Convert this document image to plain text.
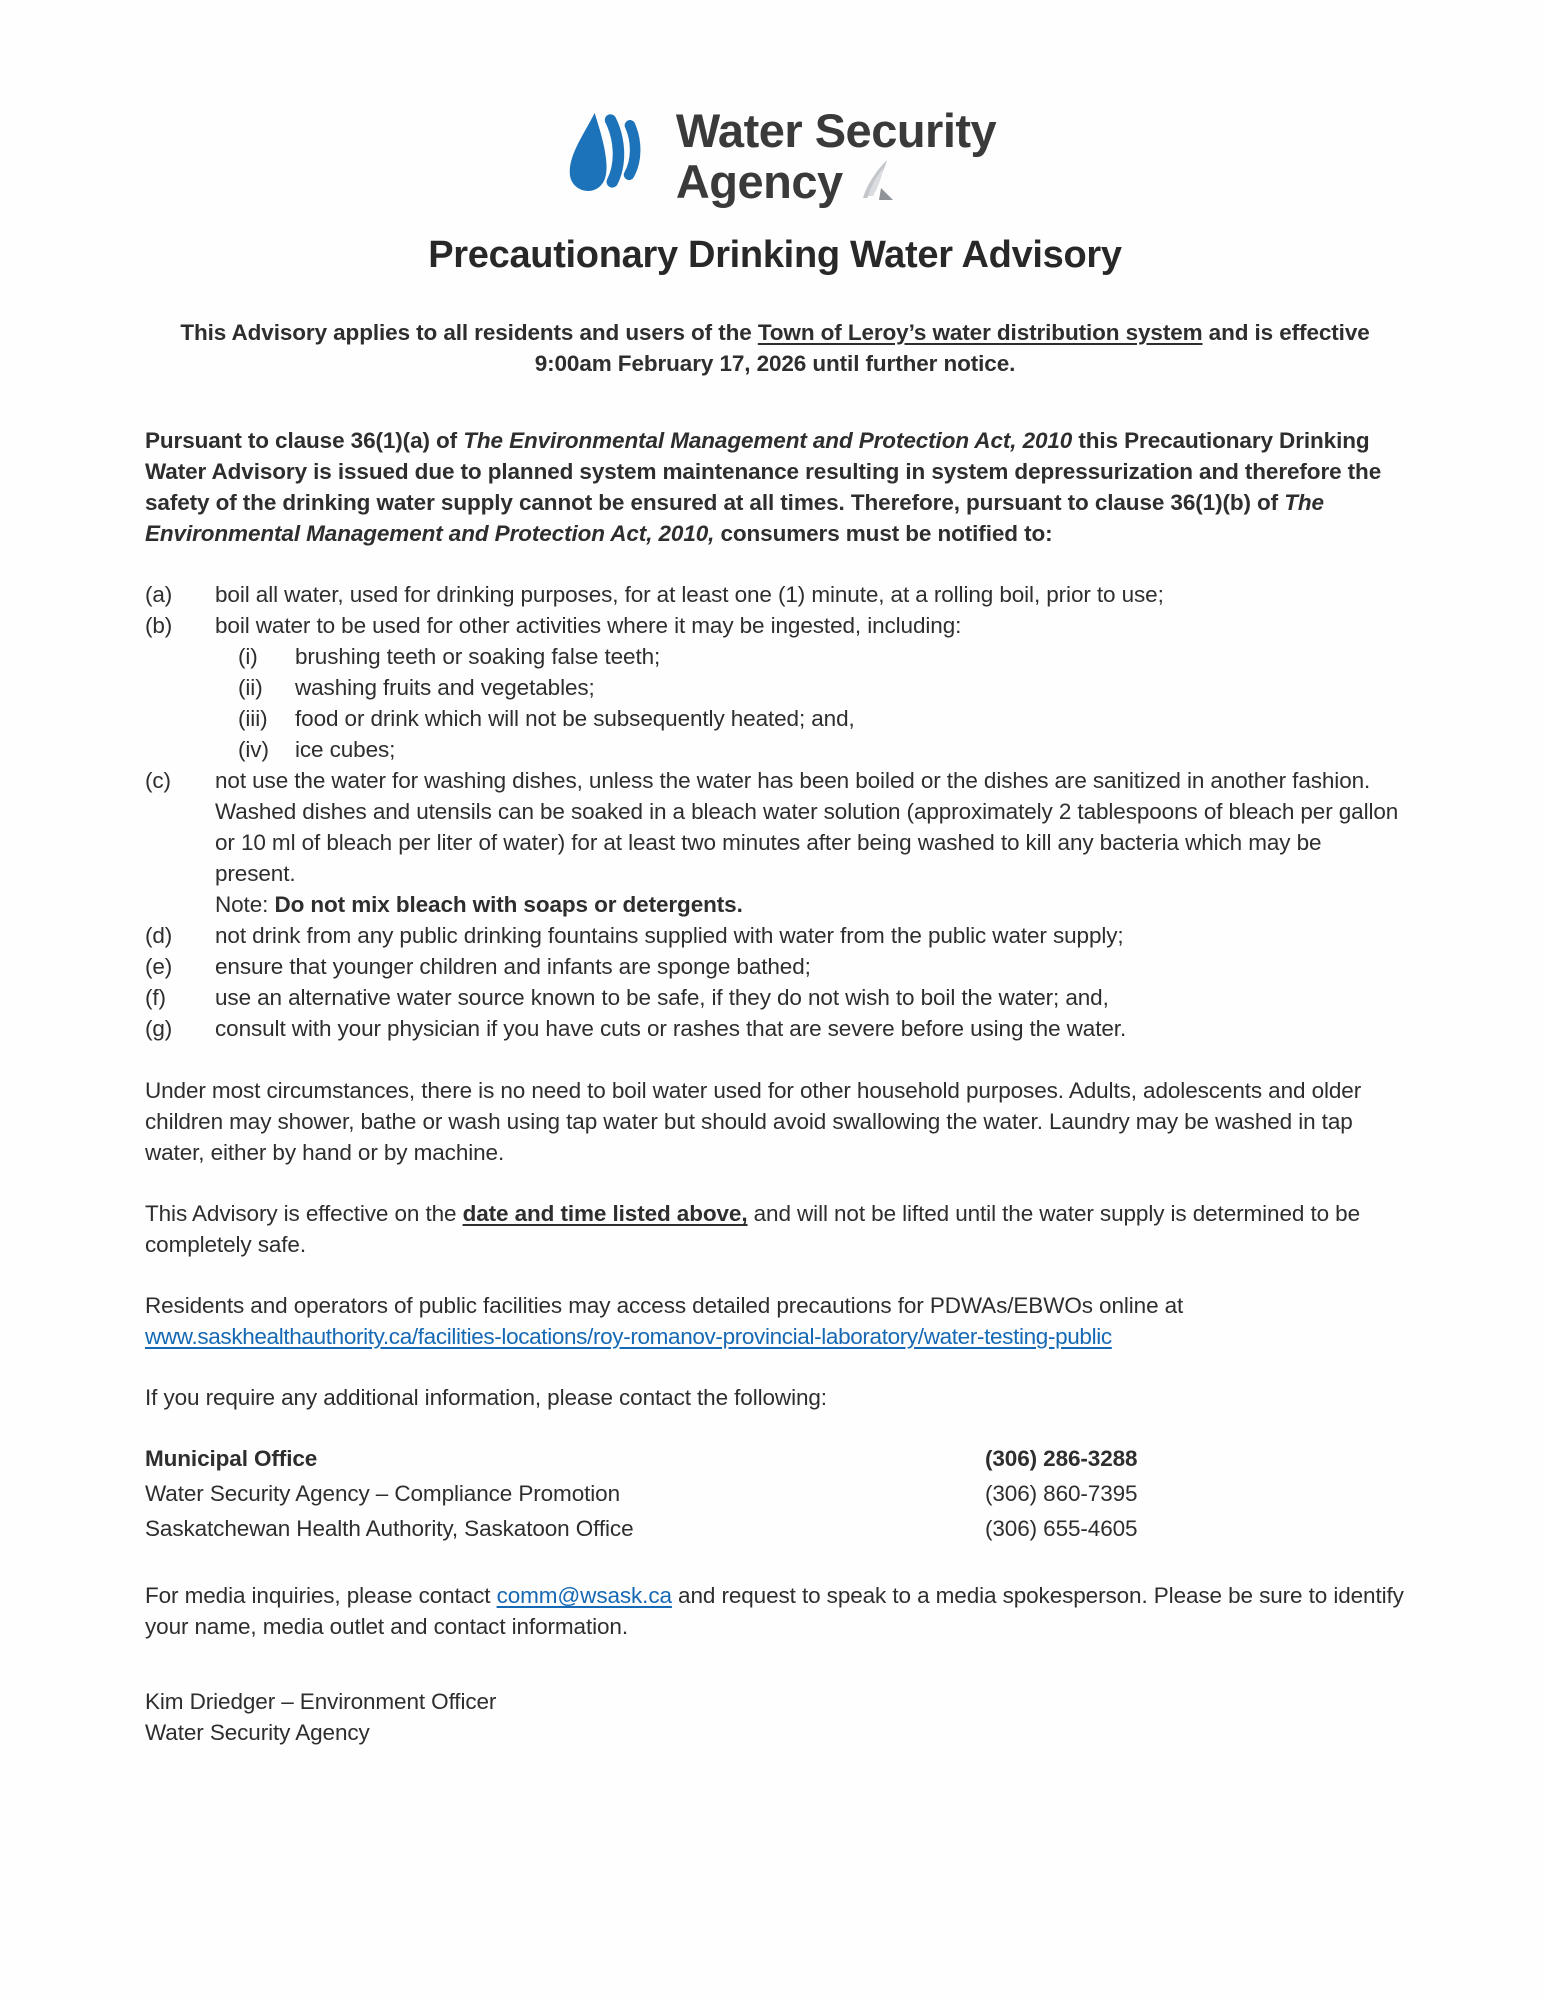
Water Security
Agency
Precautionary Drinking Water Advisory

This Advisory applies to all residents and users of the Town of Leroy’s water distribution system and is effective 9:00am February 17, 2026 until further notice.

Pursuant to clause 36(1)(a) of The Environmental Management and Protection Act, 2010 this Precautionary Drinking Water Advisory is issued due to planned system maintenance resulting in system depressurization and therefore the safety of the drinking water supply cannot be ensured at all times. Therefore, pursuant to clause 36(1)(b) of The Environmental Management and Protection Act, 2010, consumers must be notified to:

(a)	boil all water, used for drinking purposes, for at least one (1) minute, at a rolling boil, prior to use;
(b)	boil water to be used for other activities where it may be ingested, including:
(i)	brushing teeth or soaking false teeth;
(ii)	washing fruits and vegetables;
(iii)	food or drink which will not be subsequently heated; and,
(iv)	ice cubes;
(c)	not use the water for washing dishes, unless the water has been boiled or the dishes are sanitized in another fashion. Washed dishes and utensils can be soaked in a bleach water solution (approximately 2 tablespoons of bleach per gallon or 10 ml of bleach per liter of water) for at least two minutes after being washed to kill any bacteria which may be present.
Note: Do not mix bleach with soaps or detergents.
(d)	not drink from any public drinking fountains supplied with water from the public water supply;
(e)	ensure that younger children and infants are sponge bathed;
(f)	use an alternative water source known to be safe, if they do not wish to boil the water; and,
(g)	consult with your physician if you have cuts or rashes that are severe before using the water.

Under most circumstances, there is no need to boil water used for other household purposes. Adults, adolescents and older children may shower, bathe or wash using tap water but should avoid swallowing the water. Laundry may be washed in tap water, either by hand or by machine.

This Advisory is effective on the date and time listed above, and will not be lifted until the water supply is determined to be completely safe.

Residents and operators of public facilities may access detailed precautions for PDWAs/EBWOs online at www.saskhealthauthority.ca/facilities-locations/roy-romanov-provincial-laboratory/water-testing-public

If you require any additional information, please contact the following:

Municipal Office	(306) 286-3288
Water Security Agency – Compliance Promotion	(306) 860-7395
Saskatchewan Health Authority, Saskatoon Office	(306) 655-4605

For media inquiries, please contact comm@wsask.ca and request to speak to a media spokesperson. Please be sure to identify your name, media outlet and contact information.

Kim Driedger – Environment Officer
Water Security Agency
